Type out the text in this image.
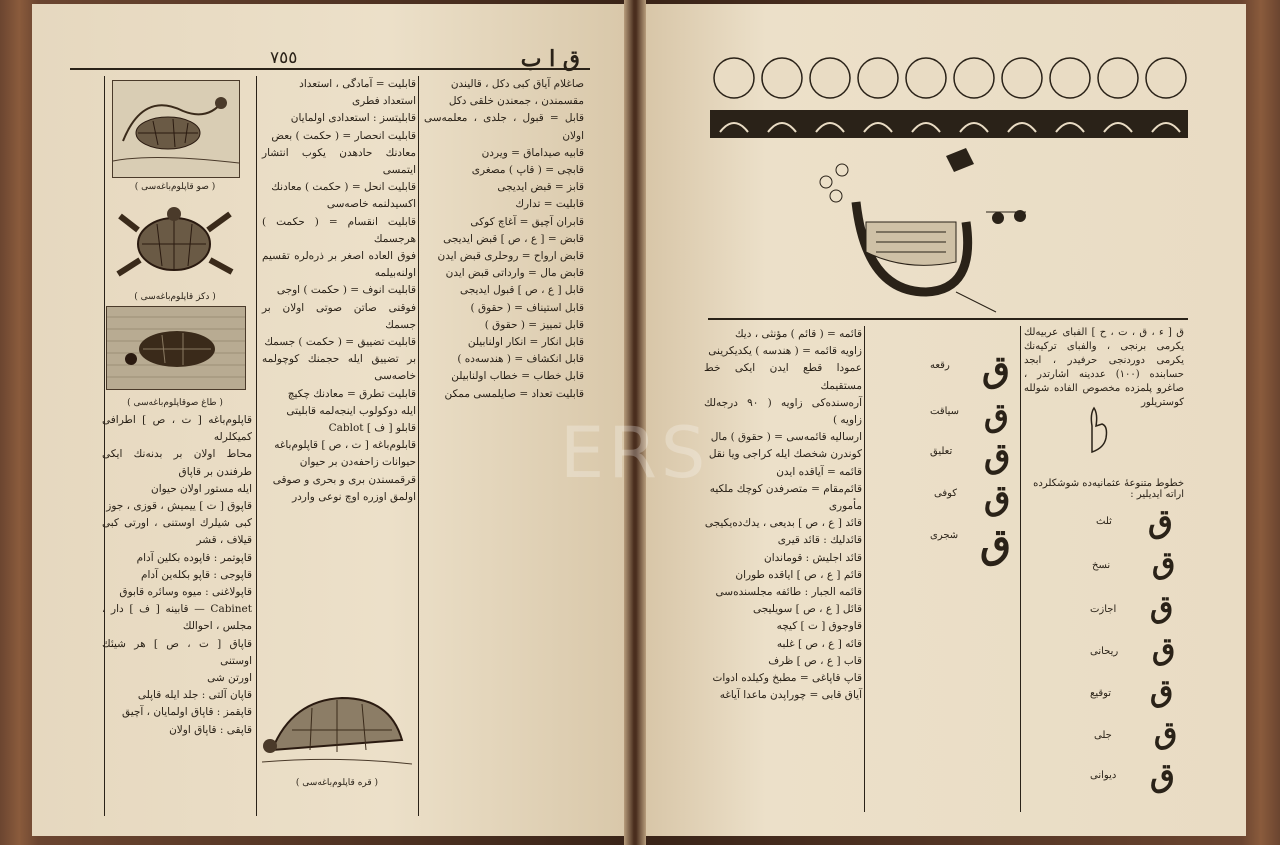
ق ا ب
٧٥٥
( صو قاپلوم‌باغه‌سی )
( دكز قاپلوم‌باغه‌سی )
( طاغ صوقاپلوم‌باغه‌سی )

قاپلوم‌باغه [ ت ، ص ] اطرافی كمیكلرله

محاط اولان بر بدنه‌نك ایكی طرفندن بر قاپاق

ایله مستور اولان حیوان

قاپوق [ ت ] ییمیش ، قوزی ، جوز

كبی شیلرك اوستنی ، اورتی كبی قیلاف ، قشر

قاپوتمر : قاپوده بكلین آدام

قاپوجی : قاپو بكله‌ین آدام

قاپولاغنی : میوه وسائره قابوق

Cabinet — قابینه [ ف ] دار ، مجلس ، احوالك

قاپاق [ ت ، ص ] هر شیئك اوستنی

اورتن شی

قاپان آلتی : جلد ایله قاپلی

قاپقمز : قاپاق اولمایان ، آچیق

قاپقی : قاپاق اولان

قابلیت = آمادگی ، استعداد

استعداد فطری

قابلیتسز : استعدادی اولمایان

قابلیت انحصار = ( حكمت ) بعض

معادنك حادهدن یكوب انتشار ایتمسی

قابلیت انحل = ( حكمت ) معادنك

اكسیدلنمه خاصه‌سی

قابلیت انقسام = ( حكمت ) هرجسمك

فوق العاده اصغر بر ذره‌لره تقسیم اولنه‌بیلمه

قابلیت انوف = ( حكمت ) اوجی

فوقنی صاتن صوتی اولان بر جسمك

قابلیت تضییق = ( حكمت ) جسمك

بر تضییق ایله حجمنك كوچولمه خاصه‌سی

قابلیت تطرق = معادنك چكیچ

ایله دوكولوب اینجه‌لمه قابلیتی

قابلو [ ف ] Cablot

قابلوم‌باغه [ ت ، ص ] قاپلوم‌باغه

حیوانات زاحفه‌دن بر حیوان

قرقمسندن بری و بحری و صوقی

اولمق اوزره اوچ نوعی واردر

( قره قاپلوم‌باغه‌سی )

صاغلام آیاق كبی دكل ، قالیندن

مقسمندن ، جمعندن خلقی دكل

قابل = قبول ، جلدی ، معلمه‌سی اولان

قابیه صیداماق = ویردن

قابچی = ( قاپ ) مصغری

قابز = قبض ایدیجی

قابلیت = تدارك

قابران آچیق = آغاچ كوكی

قابض = [ ع ، ص ] قبض ایدیجی

قابض ارواح = روحلری قبض ایدن

قابض مال = وارداتی قبض ایدن

قابل [ ع ، ص ] قبول ایدیجی

قابل استیناف = ( حقوق )

قابل تمییز = ( حقوق )

قابل انكار = انكار اولنابیلن

قابل انكشاف = ( هندسه‌ده )

قابل خطاب = خطاب اولنابیلن

قابلیت تعداد = صایلمسی ممكن

قائمه = ( قائم ) مؤنثی ، دیك

زاویه قائمه = ( هندسه ) یكدیكرینی

عمودا قطع ایدن ایكی خط مستقیمك

آره‌سنده‌كی زاویه ( ٩٠ درجه‌لك زاویه )

ارسالیه قائمه‌سی = ( حقوق ) مال

كوندرن شخصك ایله كراجی ویا نقل

قائمه = آیاقده ایدن

قائم‌مقام = متصرفدن كوچك ملكیه

مأموری

قائد [ ع ، ص ] بدیعی ، یدك‌ده‌یكیجی

قائدلیك : قائد قیری

قائد اجلیش : قوماندان

قائم [ ع ، ص ] ایاقده طوران

قائمه الجبار : طائفه مجلسنده‌سی

قائل [ ع ، ص ] سویلیجی

قاوجوق [ ت ] كیچه

قائه [ ع ، ص ] غلبه

قاب [ ع ، ص ] ظرف

قاپ قاپاغی = مطبخ وكیلده ادوات

آیاق قابی = چوراپدن ماعدا آیاغه

رقعه
سیاقت
تعلیق
كوفی
شجری
ق
ق
ق
ق
ق
ق [ ء ، ق ، ت ، ح ] الفبای عربیه‌لك یكرمی برنجی ، والفبای تركیه‌نك یكرمی دوردنجی حرفیدر ، ابجد حسابنده (١٠٠) عددینه اشارتدر ، صاغرو پلمزده مخصوص الفاده شولله كوستریلور
خطوط متنوعهٔ عثمانیه‌ده شوشكلرده
اراته ایدیلیر :
ثلث
نسخ
اجازت
ریحانی
توقیع
جلی
دیوانی
ق
ق
ق
ق
ق
ق
ق
ERS
